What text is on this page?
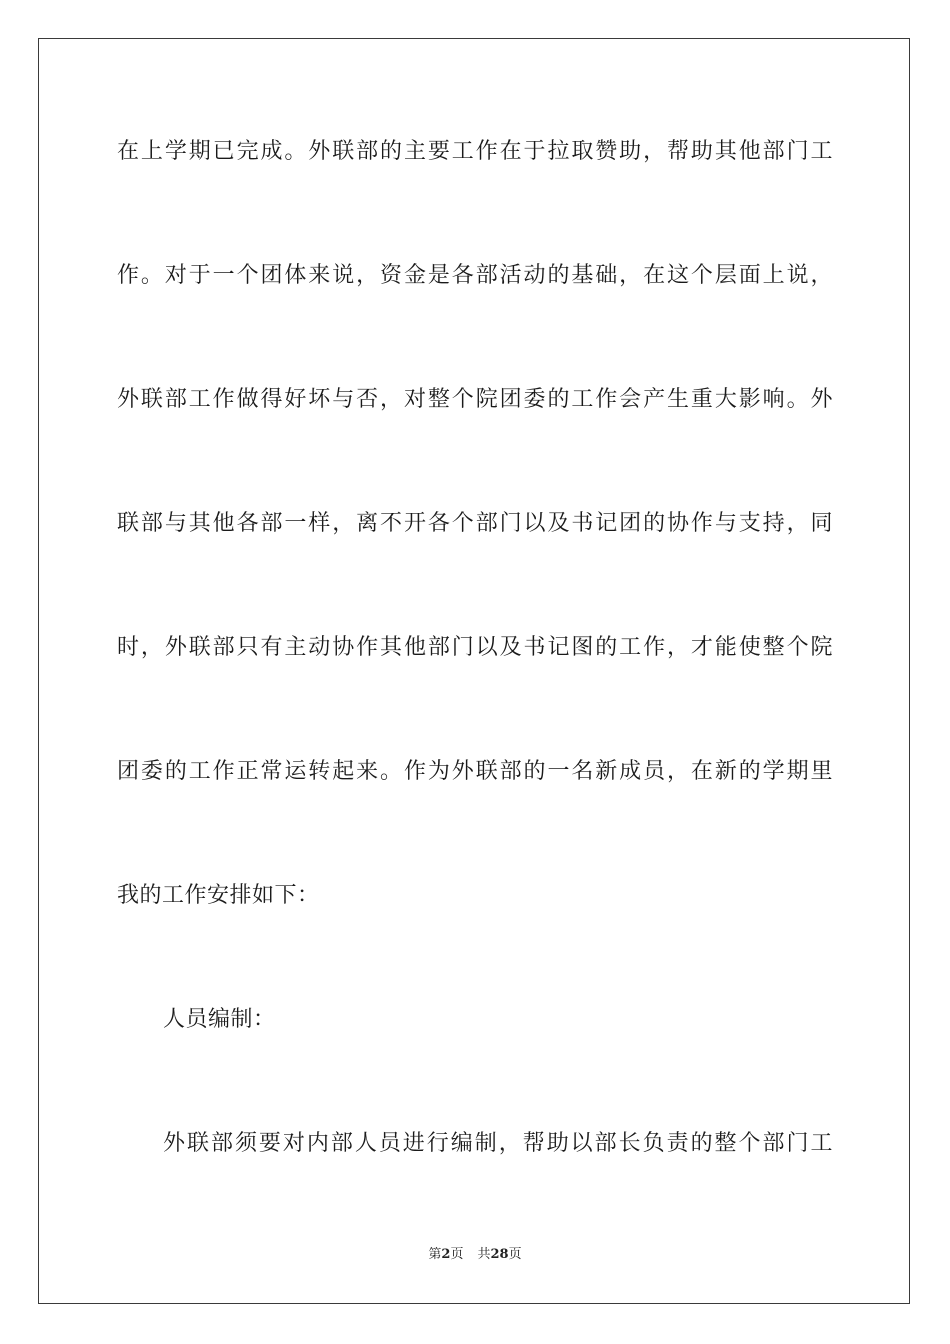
在上学期已完成。外联部的主要工作在于拉取赞助，帮助其他部门工
作。对于一个团体来说，资金是各部活动的基础，在这个层面上说，
外联部工作做得好坏与否，对整个院团委的工作会产生重大影响。外
联部与其他各部一样，离不开各个部门以及书记团的协作与支持，同
时，外联部只有主动协作其他部门以及书记图的工作，才能使整个院
团委的工作正常运转起来。作为外联部的一名新成员，在新的学期里
我的工作安排如下：
人员编制：
外联部须要对内部人员进行编制，帮助以部长负责的整个部门工
第2页 共28页
